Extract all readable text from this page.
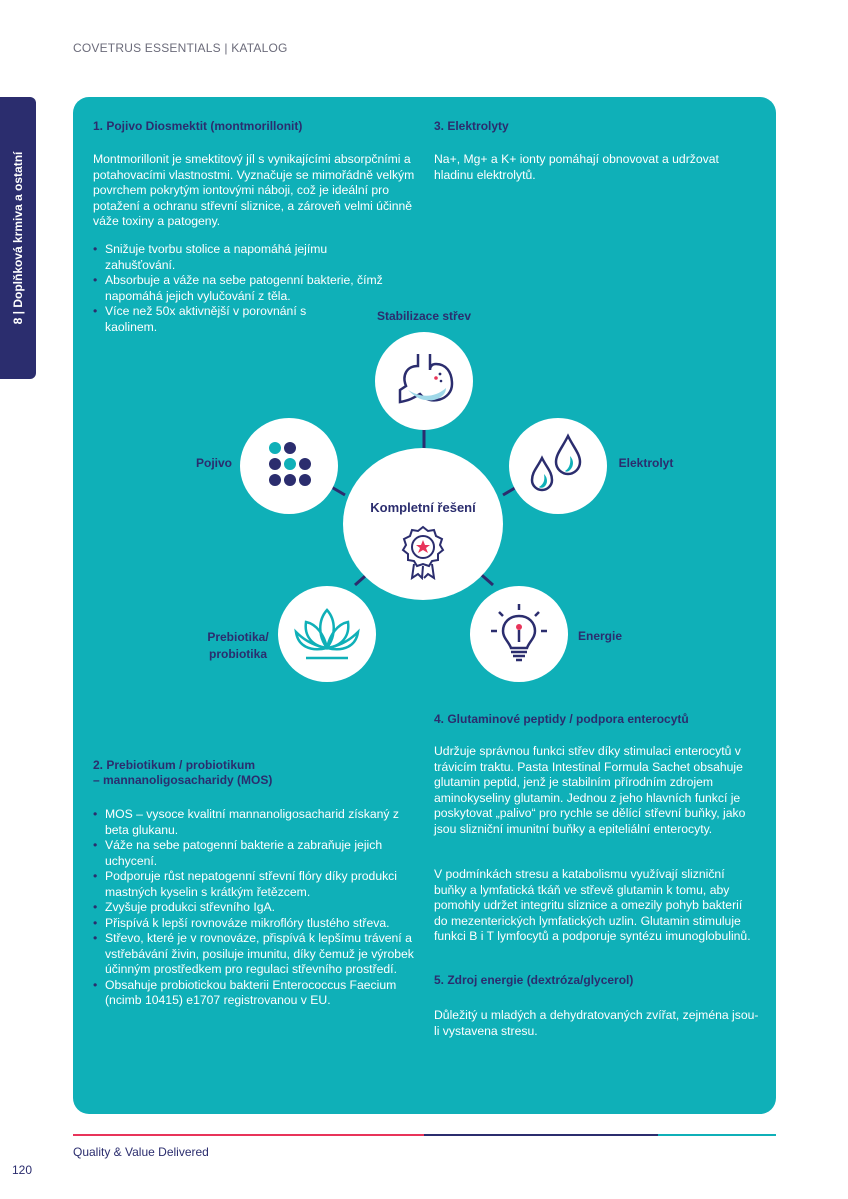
COVETRUS ESSENTIALS | KATALOG
8 | Doplňková krmiva a ostatní
1. Pojivo Diosmektit (montmorillonit)
Montmorillonit je smektitový jíl s vynikajícími absorpčními a potahovacími vlastnostmi. Vyznačuje se mimořádně velkým povrchem pokrytým iontovými náboji, což je ideální pro potažení a ochranu střevní sliznice, a zároveň velmi účinně váže toxiny a patogeny.
• Snižuje tvorbu stolice a napomáhá jejímu zahušťování.
• Absorbuje a váže na sebe patogenní bakterie, čímž napomáhá jejich vylučování z těla.
• Více než 50x aktivnější v porovnání s kaolinem.
3. Elektrolyty
Na+, Mg+ a K+ ionty pomáhají obnovovat a udržovat hladinu elektrolytů.
Kompletní řešení
Stabilizace střev
Pojivo	Elektrolyt
Prebiotika/ probiotika
Energie
4. Glutaminové peptidy / podpora enterocytů
Udržuje správnou funkci střev díky stimulaci enterocytů v trávicím traktu. Pasta Intestinal Formula Sachet obsahuje glutamin peptid, jenž je stabilním přírodním zdrojem aminokyseliny glutamin. Jednou z jeho hlavních funkcí je poskytovat „palivo“ pro rychle se dělící střevní buňky, jako jsou slizniční imunitní buňky a epiteliální enterocyty.
V podmínkách stresu a katabolismu využívají slizniční buňky a lymfatická tkáň ve střevě glutamin k tomu, aby pomohly udržet integritu sliznice a omezily pohyb bakterií do mezenterických lymfatických uzlin. Glutamin stimuluje funkci B i T lymfocytů a podporuje syntézu imunoglobulinů.
2. Prebiotikum / probiotikum
– mannanoligosacharidy (MOS)
• MOS – vysoce kvalitní mannanoligosacharid získaný z beta glukanu.
• Váže na sebe patogenní bakterie a zabraňuje jejich uchycení.
• Podporuje růst nepatogenní střevní flóry díky produkci mastných kyselin s krátkým řetězcem.
• Zvyšuje produkci střevního IgA.
• Přispívá k lepší rovnováze mikroflóry tlustého střeva.
• Střevo, které je v rovnováze, přispívá k lepšímu trávení a vstřebávání živin, posiluje imunitu, díky čemuž je výrobek účinným prostředkem pro regulaci střevního prostředí.
• Obsahuje probiotickou bakterii Enterococcus Faecium (ncimb 10415) e1707 registrovanou v EU.
5. Zdroj energie (dextróza/glycerol)
Důležitý u mladých a dehydratovaných zvířat, zejména jsou-li vystavena stresu.
Quality & Value Delivered
120
